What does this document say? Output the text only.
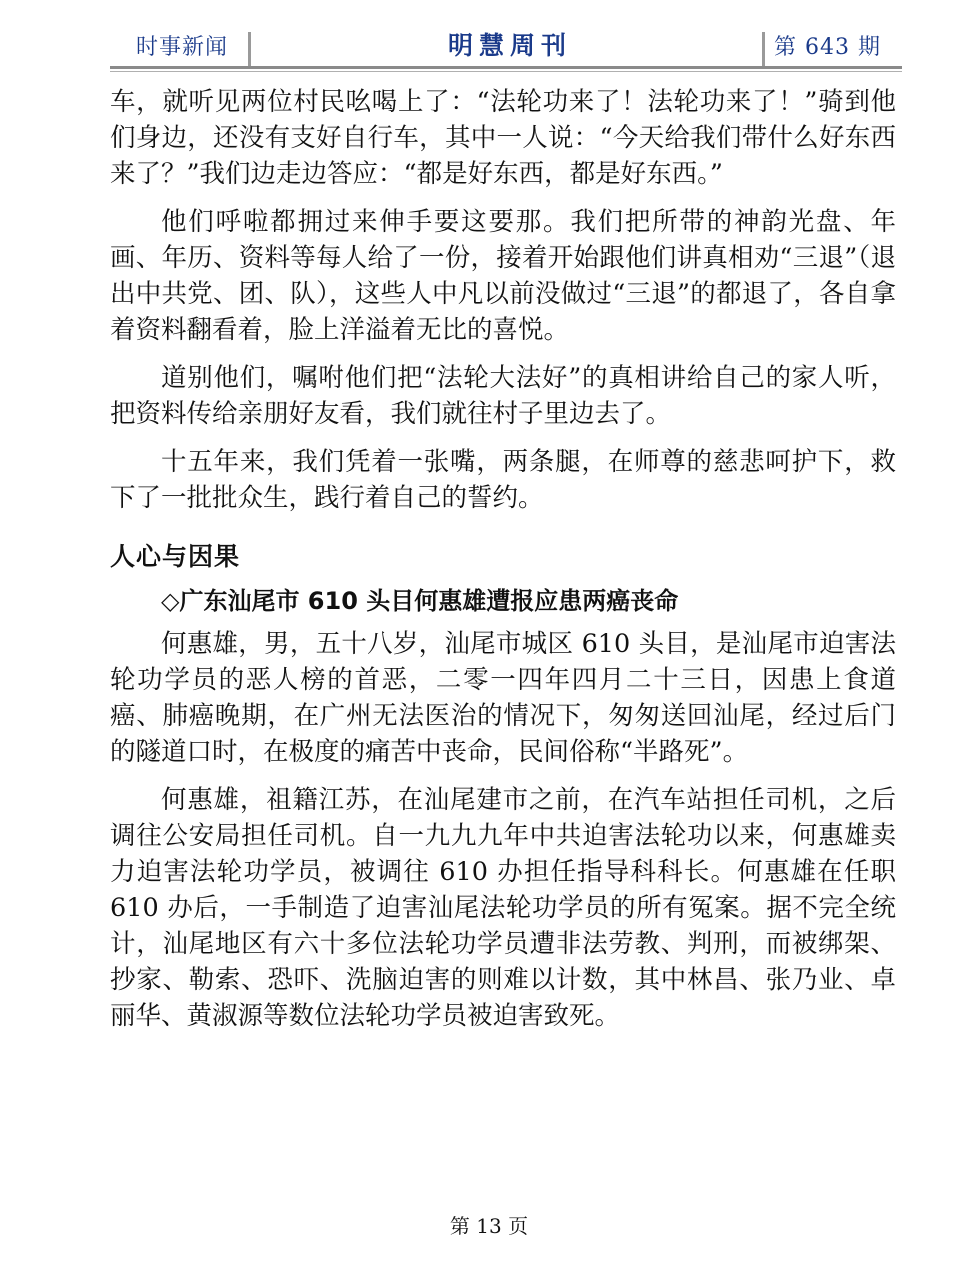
时事新闻	明慧周刊	第 643 期

车，就听见两位村民吆喝上了：“法轮功来了！法轮功来了！”骑到他们身边，还没有支好自行车，其中一人说：“今天给我们带什么好东西来了？”我们边走边答应：“都是好东西，都是好东西。”

他们呼啦都拥过来伸手要这要那。我们把所带的神韵光盘、年画、年历、资料等每人给了一份，接着开始跟他们讲真相劝“三退”（退出中共党、团、队），这些人中凡以前没做过“三退”的都退了，各自拿着资料翻看着，脸上洋溢着无比的喜悦。

道别他们，嘱咐他们把“法轮大法好”的真相讲给自己的家人听，把资料传给亲朋好友看，我们就往村子里边去了。

十五年来，我们凭着一张嘴，两条腿，在师尊的慈悲呵护下，救下了一批批众生，践行着自己的誓约。

人心与因果
◇广东汕尾市 610 头目何惠雄遭报应患两癌丧命

何惠雄，男，五十八岁，汕尾市城区 610 头目，是汕尾市迫害法轮功学员的恶人榜的首恶，二零一四年四月二十三日，因患上食道癌、肺癌晚期，在广州无法医治的情况下，匆匆送回汕尾，经过后门的隧道口时，在极度的痛苦中丧命，民间俗称“半路死”。

何惠雄，祖籍江苏，在汕尾建市之前，在汽车站担任司机，之后调往公安局担任司机。自一九九九年中共迫害法轮功以来，何惠雄卖力迫害法轮功学员，被调往 610 办担任指导科科长。何惠雄在任职 610 办后，一手制造了迫害汕尾法轮功学员的所有冤案。据不完全统计，汕尾地区有六十多位法轮功学员遭非法劳教、判刑，而被绑架、抄家、勒索、恐吓、洗脑迫害的则难以计数，其中林昌、张乃业、卓丽华、黄淑源等数位法轮功学员被迫害致死。

第 13 页
